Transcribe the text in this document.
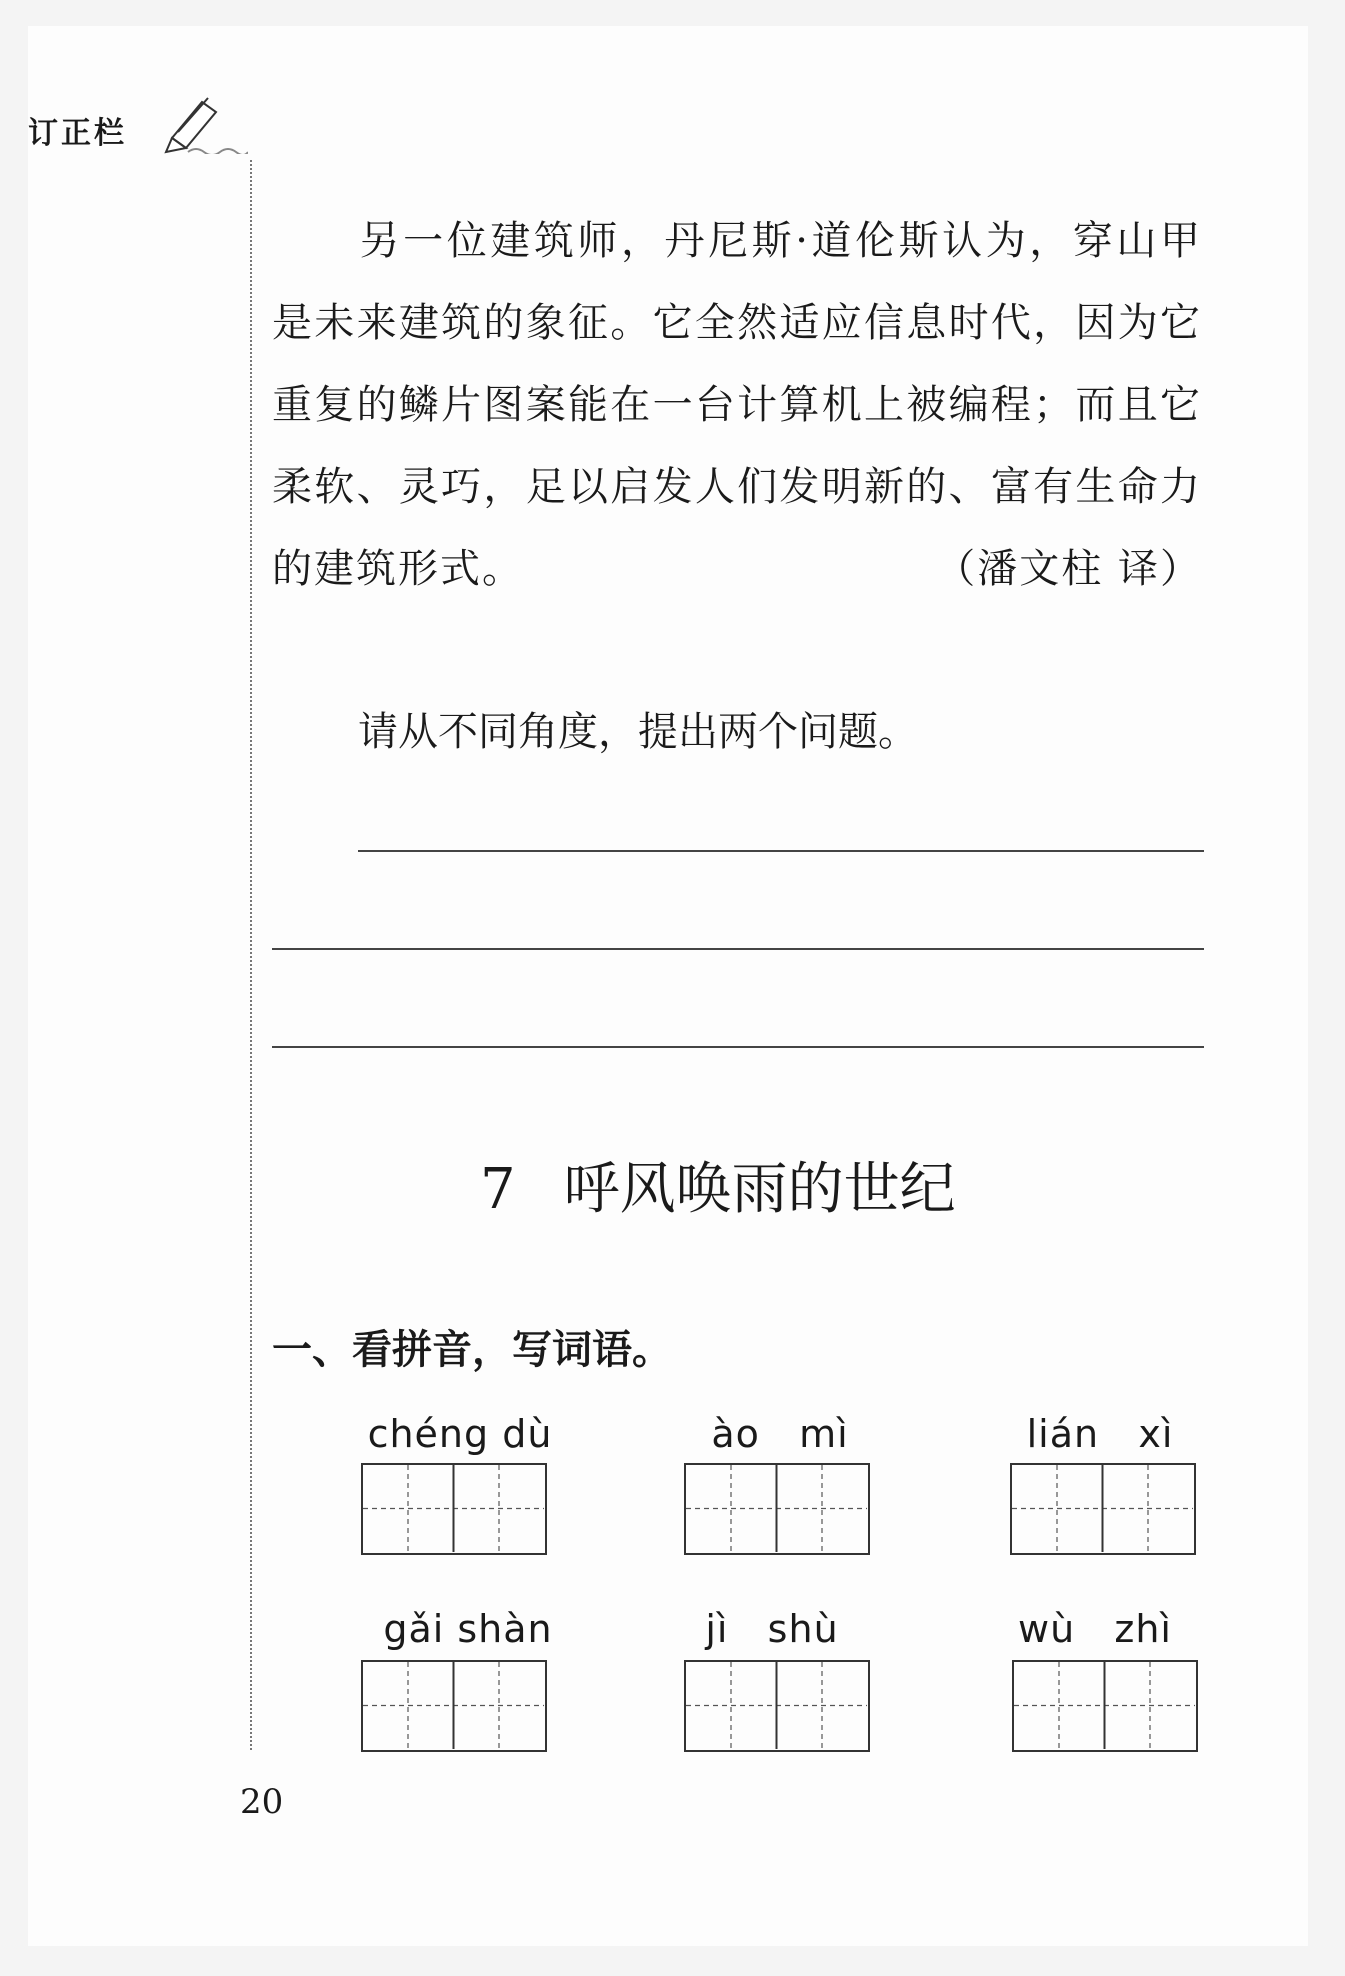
订正栏
另一位建筑师，丹尼斯·道伦斯认为，穿山甲是未来建筑的象征。它全然适应信息时代，因为它重复的鳞片图案能在一台计算机上被编程；而且它柔软、灵巧，足以启发人们发明新的、富有生命力的建筑形式。	（潘文柱 译）
请从不同角度，提出两个问题。
7 呼风唤雨的世纪
一、看拼音，写词语。
chéng dù	ào   mì	lián   xì
gǎi shàn	jì   shù	wù   zhì
20
